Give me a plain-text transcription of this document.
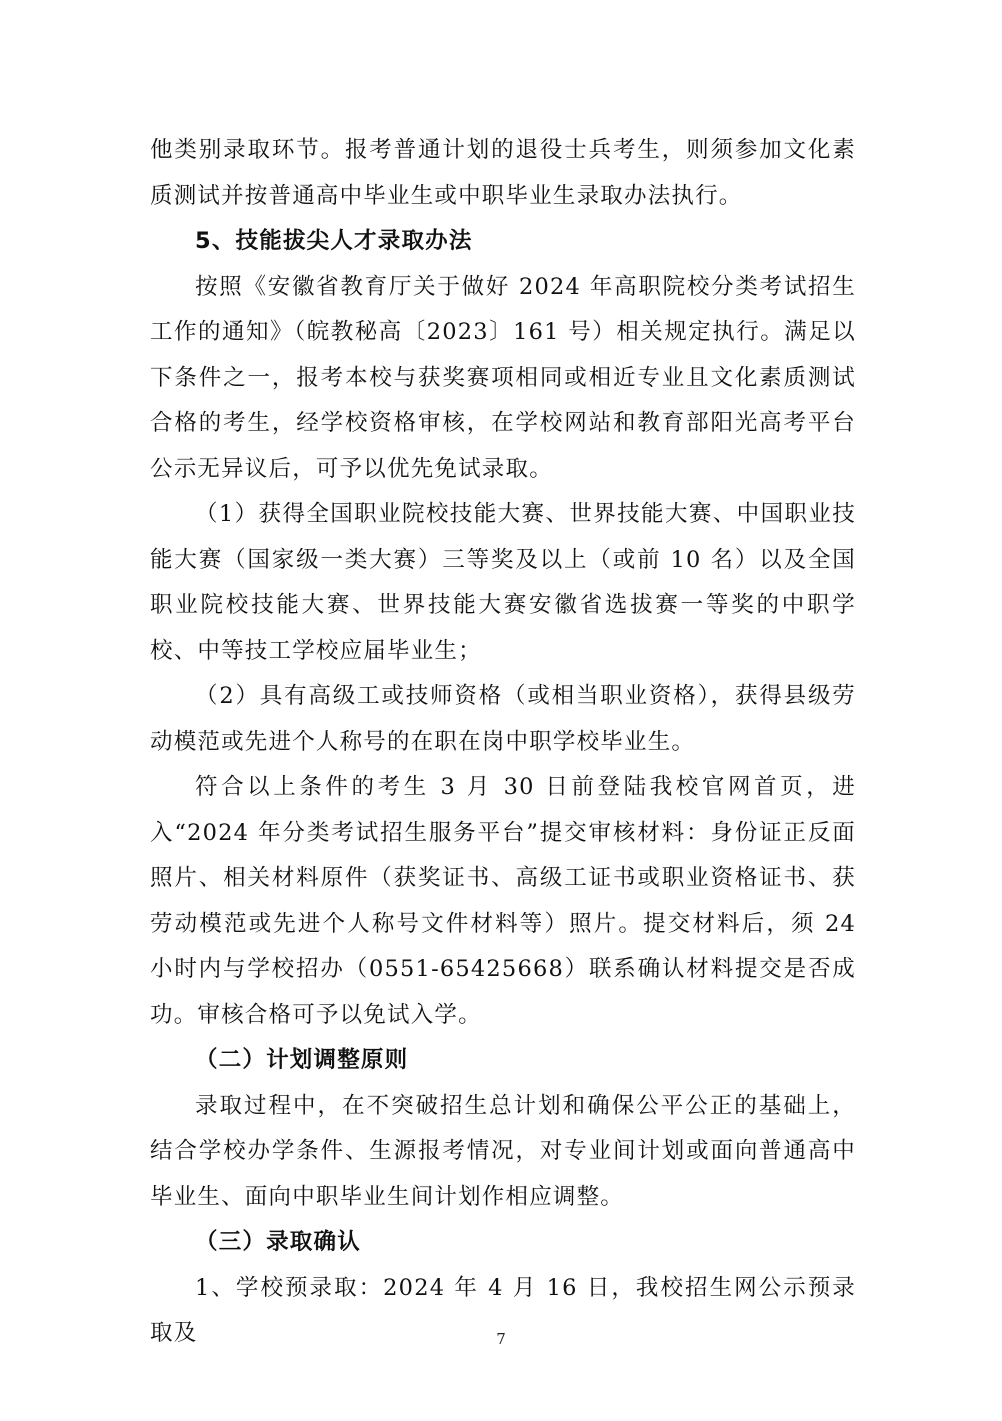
他类别录取环节。报考普通计划的退役士兵考生，则须参加文化素质测试并按普通高中毕业生或中职毕业生录取办法执行。

5、技能拔尖人才录取办法

按照《安徽省教育厅关于做好 2024 年高职院校分类考试招生工作的通知》（皖教秘高〔2023〕161 号）相关规定执行。满足以下条件之一，报考本校与获奖赛项相同或相近专业且文化素质测试合格的考生，经学校资格审核，在学校网站和教育部阳光高考平台公示无异议后，可予以优先免试录取。

（1）获得全国职业院校技能大赛、世界技能大赛、中国职业技能大赛（国家级一类大赛）三等奖及以上（或前 10 名）以及全国职业院校技能大赛、世界技能大赛安徽省选拔赛一等奖的中职学校、中等技工学校应届毕业生；

（2）具有高级工或技师资格（或相当职业资格），获得县级劳动模范或先进个人称号的在职在岗中职学校毕业生。

符合以上条件的考生 3 月 30 日前登陆我校官网首页，进入“2024 年分类考试招生服务平台”提交审核材料：身份证正反面照片、相关材料原件（获奖证书、高级工证书或职业资格证书、获劳动模范或先进个人称号文件材料等）照片。提交材料后，须 24 小时内与学校招办（0551-65425668）联系确认材料提交是否成功。审核合格可予以免试入学。

（二）计划调整原则

录取过程中，在不突破招生总计划和确保公平公正的基础上，结合学校办学条件、生源报考情况，对专业间计划或面向普通高中毕业生、面向中职毕业生间计划作相应调整。

（三）录取确认

1、学校预录取：2024 年 4 月 16 日，我校招生网公示预录取及	7
